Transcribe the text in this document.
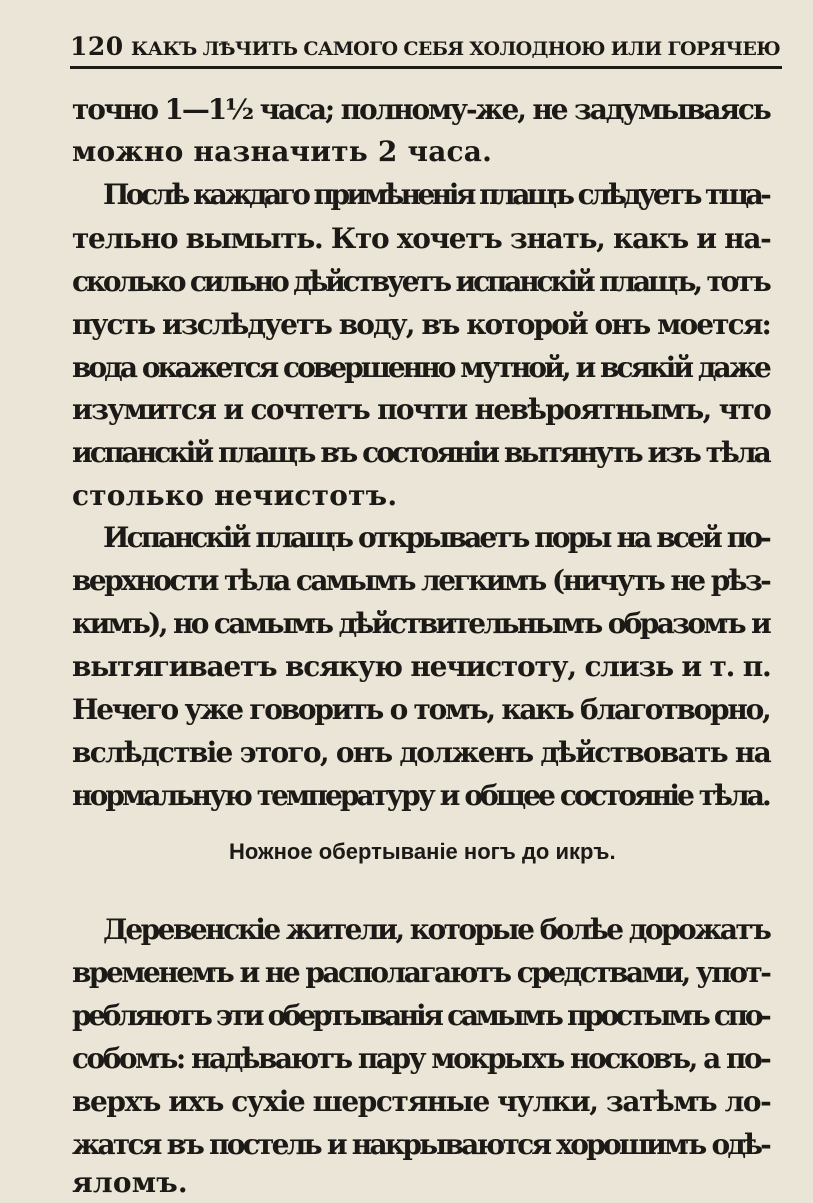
120 КАКЪ ЛѢЧИТЬ САМОГО СЕБЯ ХОЛОДНОЮ ИЛИ ГОРЯЧЕЮ
точно 1—1½ часа; полному-же, не задумываясь
можно назначить 2 часа.
Послѣ каждаго примѣненія плащъ слѣдуетъ тща-
тельно вымыть. Кто хочетъ знать, какъ и на-
сколько сильно дѣйствуетъ испанскій плащъ, тотъ
пусть изслѣдуетъ воду, въ которой онъ моется:
вода окажется совершенно мутной, и всякій даже
изумится и сочтетъ почти невѣроятнымъ, что
испанскій плащъ въ состояніи вытянуть изъ тѣла
столько нечистотъ.
Испанскій плащъ открываетъ поры на всей по-
верхности тѣла самымъ легкимъ (ничуть не рѣз-
кимъ), но самымъ дѣйствительнымъ образомъ и
вытягиваетъ всякую нечистоту, слизь и т. п.
Нечего уже говорить о томъ, какъ благотворно,
вслѣдствіе этого, онъ долженъ дѣйствовать на
нормальную температуру и общее состояніе тѣла.
Ножное обертываніе ногъ до икръ.
Деревенскіе жители, которые болѣе дорожатъ
временемъ и не располагаютъ средствами, упот-
ребляютъ эти обертыванія самымъ простымъ спо-
собомъ: надѣваютъ пару мокрыхъ носковъ, а по-
верхъ ихъ сухіе шерстяные чулки, затѣмъ ло-
жатся въ постель и накрываются хорошимъ одѣ-
яломъ.
